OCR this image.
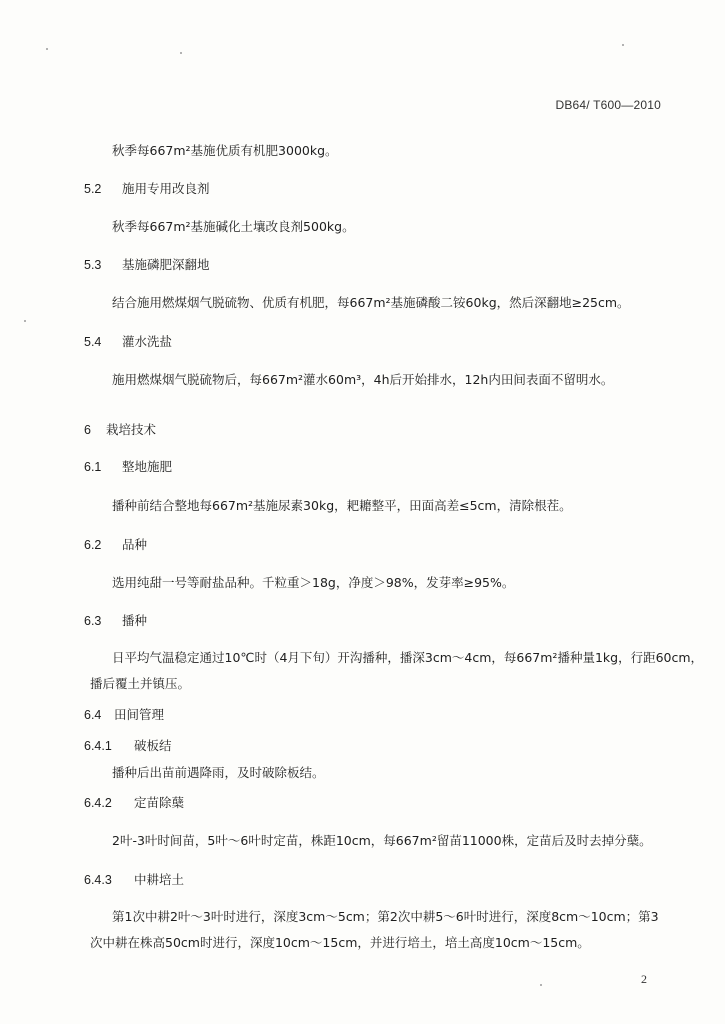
DB64/ T600—2010
秋季每667m²基施优质有机肥3000kg。
5.2 施用专用改良剂
秋季每667m²基施碱化土壤改良剂500kg。
5.3 基施磷肥深翻地
结合施用燃煤烟气脱硫物、优质有机肥，每667m²基施磷酸二铵60kg，然后深翻地≥25cm。
5.4 灌水洗盐
施用燃煤烟气脱硫物后，每667m²灌水60m³，4h后开始排水，12h内田间表面不留明水。
6 栽培技术
6.1 整地施肥
播种前结合整地每667m²基施尿素30kg，耙耱整平，田面高差≤5cm，清除根茬。
6.2 品种
选用纯甜一号等耐盐品种。千粒重＞18g，净度＞98%，发芽率≥95%。
6.3 播种
日平均气温稳定通过10℃时（4月下旬）开沟播种，播深3cm～4cm，每667m²播种量1kg，行距60cm，
播后覆土并镇压。
6.4 田间管理
6.4.1 破板结
播种后出苗前遇降雨，及时破除板结。
6.4.2 定苗除蘖
2叶-3叶时间苗，5叶～6叶时定苗，株距10cm，每667m²留苗11000株，定苗后及时去掉分蘖。
6.4.3 中耕培土
第1次中耕2叶～3叶时进行，深度3cm～5cm；第2次中耕5～6叶时进行，深度8cm～10cm；第3
次中耕在株高50cm时进行，深度10cm～15cm，并进行培土，培土高度10cm～15cm。
2
